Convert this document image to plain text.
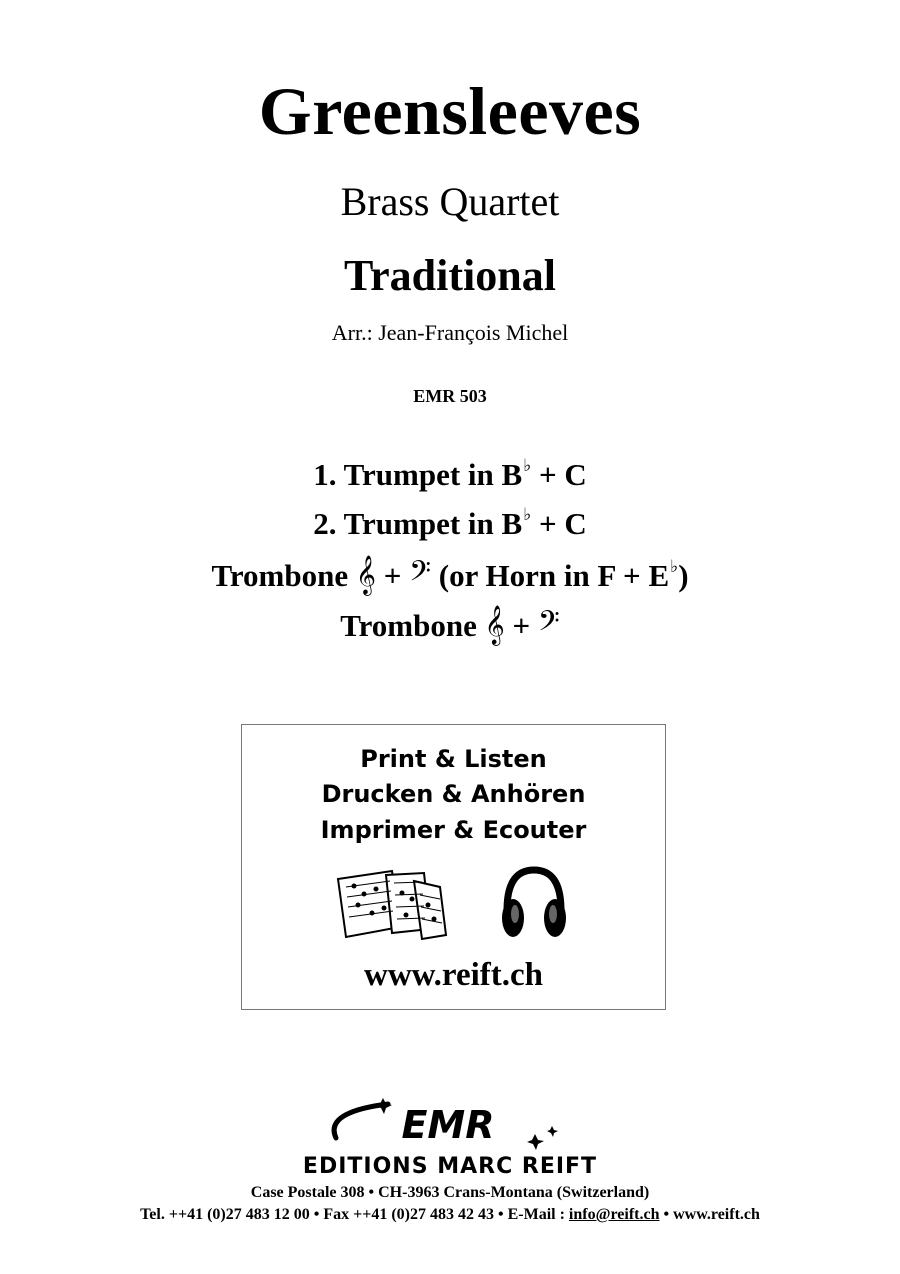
Greensleeves
Brass Quartet
Traditional
Arr.: Jean-François Michel
EMR 503
1. Trumpet in B♭ + C
2. Trumpet in B♭ + C
Trombone 𝄞 + 𝄢 (or Horn in F + E♭)
Trombone 𝄞 + 𝄢
Print & Listen
Drucken & Anhören
Imprimer & Ecouter
www.reift.ch
EMR
EDITIONS MARC REIFT
Case Postale 308 • CH-3963 Crans-Montana (Switzerland)
Tel. ++41 (0)27 483 12 00 • Fax ++41 (0)27 483 42 43 • E-Mail : info@reift.ch • www.reift.ch
